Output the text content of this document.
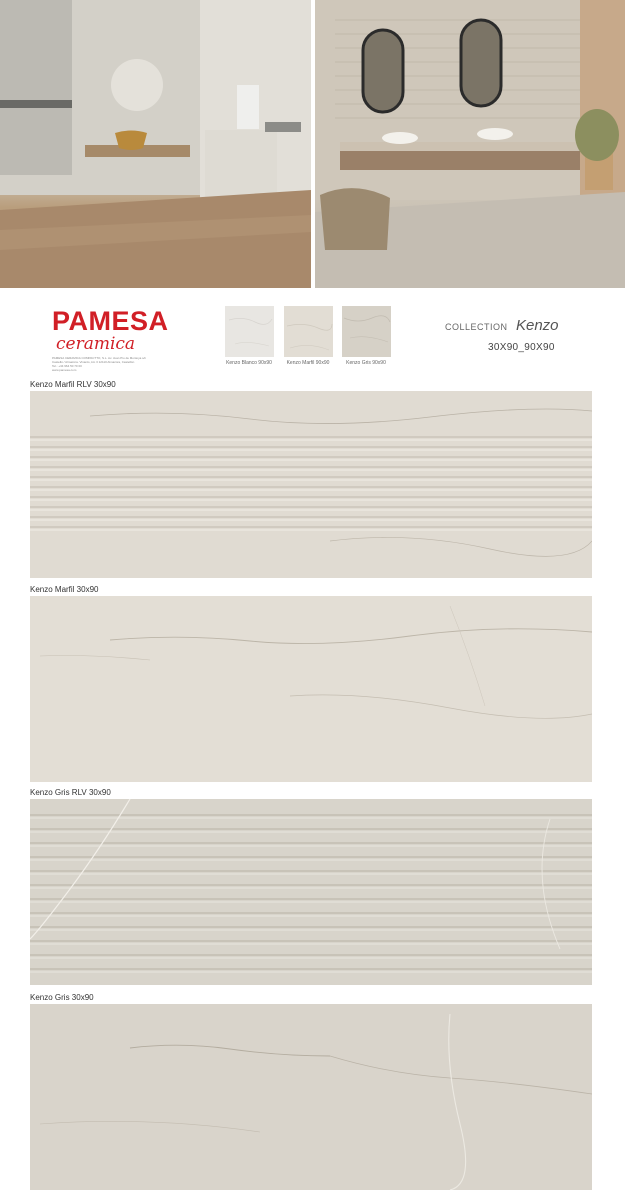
PAMESA
ceramica
PAMESA CERAMICA COMPACTTO, S.L. Av. Juan Pío de Montoya s/n
Castelló / Almazora. Vinaròs, km 3 12110 Almazora, Castellón
Tel.: +34 964 50 70 00
www.pamesa.com
Kenzo Blanco 90x90	Kenzo Marfil 90x90	Kenzo Gris 90x90
COLLECTION Kenzo
30X90_90X90
Kenzo Marfil RLV 30x90
Kenzo Marfil 30x90
Kenzo Gris RLV 30x90
Kenzo Gris 30x90
